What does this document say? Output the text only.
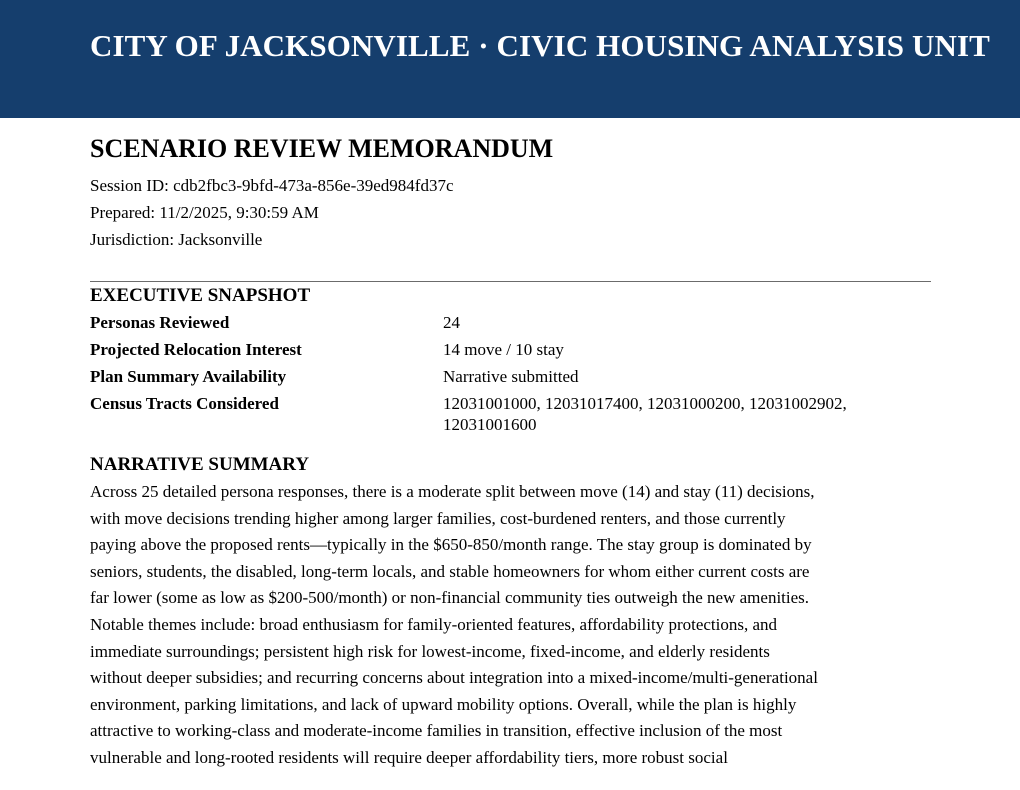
CITY OF JACKSONVILLE · CIVIC HOUSING ANALYSIS UNIT
SCENARIO REVIEW MEMORANDUM
Session ID: cdb2fbc3-9bfd-473a-856e-39ed984fd37c
Prepared: 11/2/2025, 9:30:59 AM
Jurisdiction: Jacksonville
EXECUTIVE SNAPSHOT
Personas Reviewed	24
Projected Relocation Interest	14 move / 10 stay
Plan Summary Availability	Narrative submitted
Census Tracts Considered	12031001000, 12031017400, 12031000200, 12031002902, 12031001600
NARRATIVE SUMMARY

Across 25 detailed persona responses, there is a moderate split between move (14) and stay (11) decisions, with move decisions trending higher among larger families, cost-burdened renters, and those currently paying above the proposed rents—typically in the $650-850/month range. The stay group is dominated by seniors, students, the disabled, long-term locals, and stable homeowners for whom either current costs are far lower (some as low as $200-500/month) or non-financial community ties outweigh the new amenities. Notable themes include: broad enthusiasm for family-oriented features, affordability protections, and immediate surroundings; persistent high risk for lowest-income, fixed-income, and elderly residents without deeper subsidies; and recurring concerns about integration into a mixed-income/multi-generational environment, parking limitations, and lack of upward mobility options. Overall, while the plan is highly attractive to working-class and moderate-income families in transition, effective inclusion of the most vulnerable and long-rooted residents will require deeper affordability tiers, more robust social
